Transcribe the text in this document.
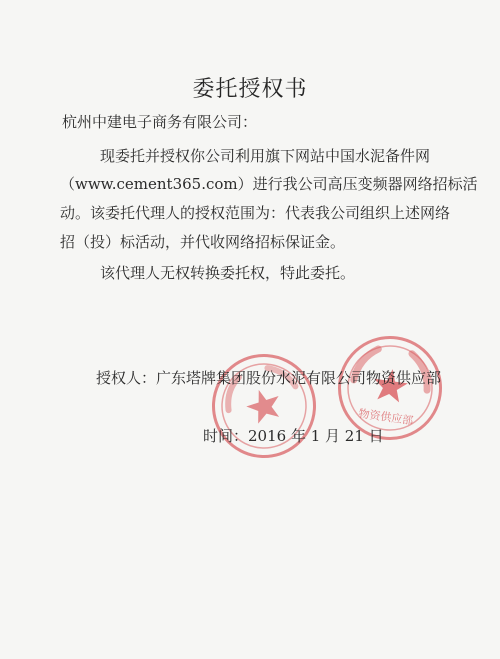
委托授权书
杭州中建电子商务有限公司：
现委托并授权你公司利用旗下网站中国水泥备件网
（www.cement365.com）进行我公司高压变频器网络招标活
动。该委托代理人的授权范围为：代表我公司组织上述网络
招（投）标活动，并代收网络招标保证金。
该代理人无权转换委托权，特此委托。
物资供应部
授权人：广东塔牌集团股份水泥有限公司物资供应部
时间：2016 年 1 月 21 日
